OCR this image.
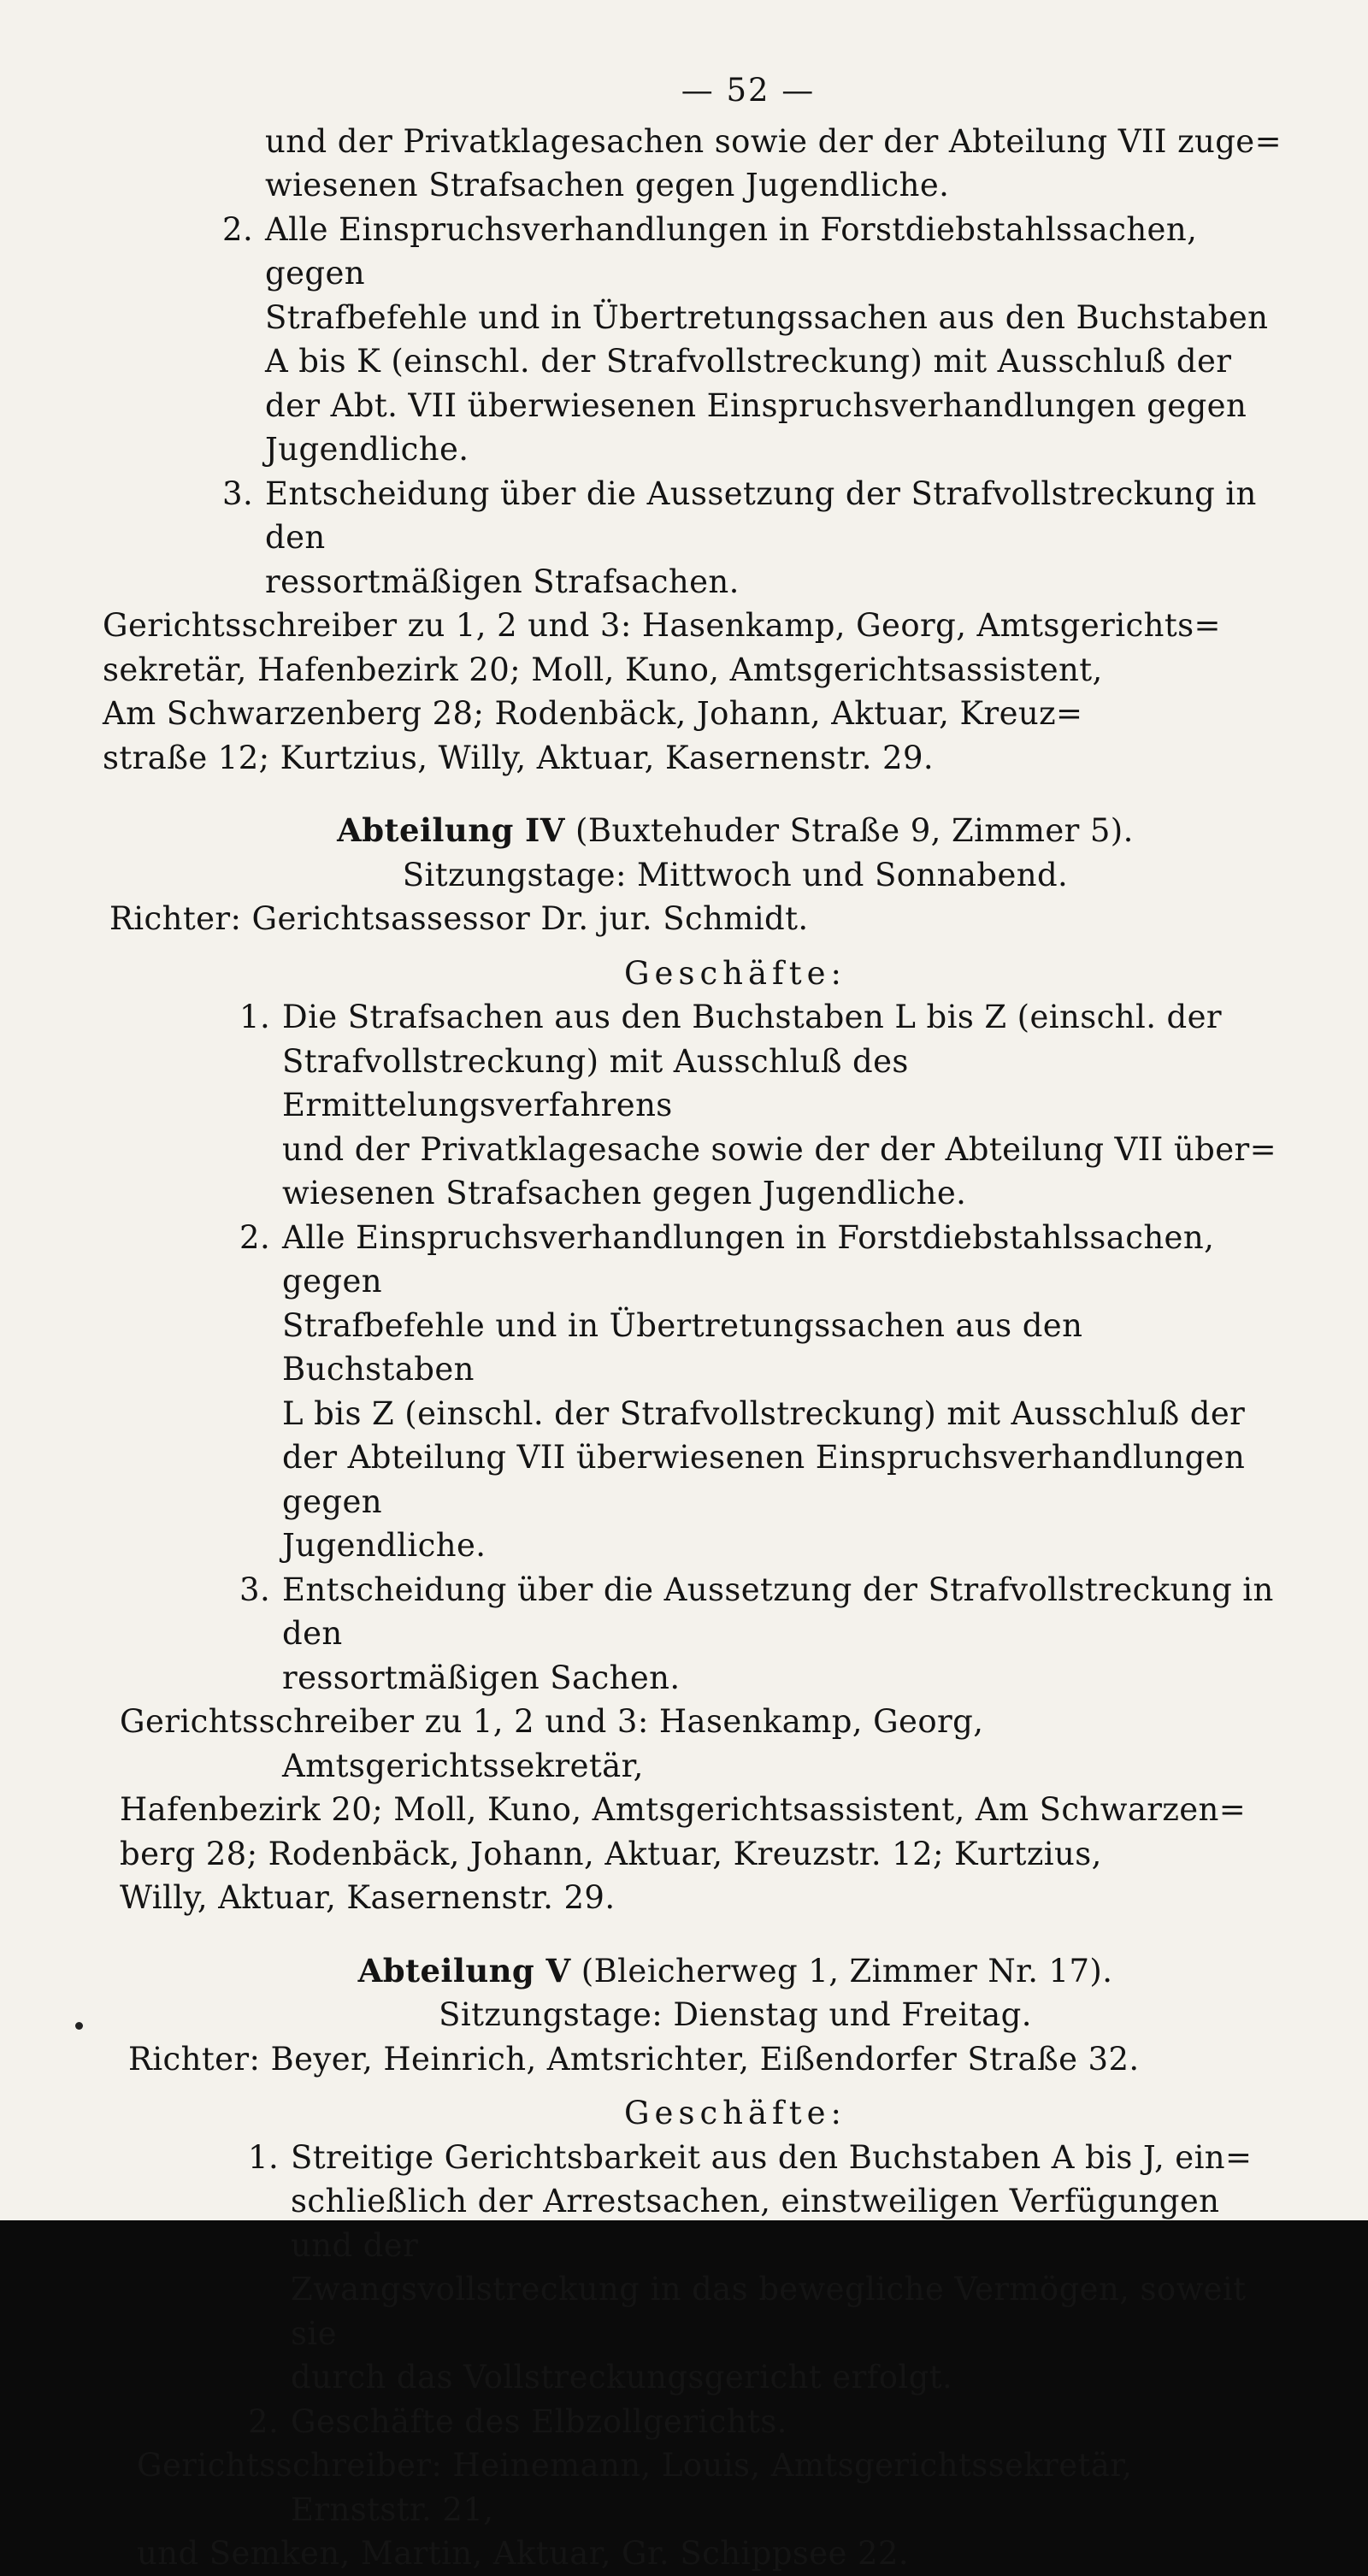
— 52 —
und der Privatklagesachen sowie der der Abteilung VII zuge=
wiesenen Strafsachen gegen Jugendliche.
2. Alle Einspruchsverhandlungen in Forstdiebstahlssachen, gegen
Strafbefehle und in Übertretungssachen aus den Buchstaben
A bis K (einschl. der Strafvollstreckung) mit Ausschluß der
der Abt. VII überwiesenen Einspruchsverhandlungen gegen
Jugendliche.
3. Entscheidung über die Aussetzung der Strafvollstreckung in den
ressortmäßigen Strafsachen.
Gerichtsschreiber zu 1, 2 und 3: Hasenkamp, Georg, Amtsgerichts=
sekretär, Hafenbezirk 20; Moll, Kuno, Amtsgerichtsassistent,
Am Schwarzenberg 28; Rodenbäck, Johann, Aktuar, Kreuz=
straße 12; Kurtzius, Willy, Aktuar, Kasernenstr. 29.
Abteilung IV (Buxtehuder Straße 9, Zimmer 5).
Sitzungstage: Mittwoch und Sonnabend.
Richter: Gerichtsassessor Dr. jur. Schmidt.
Geschäfte:
1. Die Strafsachen aus den Buchstaben L bis Z (einschl. der
Strafvollstreckung) mit Ausschluß des Ermittelungsverfahrens
und der Privatklagesache sowie der der Abteilung VII über=
wiesenen Strafsachen gegen Jugendliche.
2. Alle Einspruchsverhandlungen in Forstdiebstahlssachen, gegen
Strafbefehle und in Übertretungssachen aus den Buchstaben
L bis Z (einschl. der Strafvollstreckung) mit Ausschluß der
der Abteilung VII überwiesenen Einspruchsverhandlungen gegen
Jugendliche.
3. Entscheidung über die Aussetzung der Strafvollstreckung in den
ressortmäßigen Sachen.
Gerichtsschreiber zu 1, 2 und 3: Hasenkamp, Georg, Amtsgerichtssekretär,
Hafenbezirk 20; Moll, Kuno, Amtsgerichtsassistent, Am Schwarzen=
berg 28; Rodenbäck, Johann, Aktuar, Kreuzstr. 12; Kurtzius,
Willy, Aktuar, Kasernenstr. 29.
Abteilung V (Bleicherweg 1, Zimmer Nr. 17).
Sitzungstage: Dienstag und Freitag.
Richter: Beyer, Heinrich, Amtsrichter, Eißendorfer Straße 32.
Geschäfte:
1. Streitige Gerichtsbarkeit aus den Buchstaben A bis J, ein=
schließlich der Arrestsachen, einstweiligen Verfügungen und der
Zwangsvollstreckung in das bewegliche Vermögen, soweit sie
durch das Vollstreckungsgericht erfolgt.
2. Geschäfte des Elbzollgerichts.
Gerichtsschreiber: Heinemann, Louis, Amtsgerichtssekretär, Ernststr. 21,
und Semken, Martin, Aktuar, Gr. Schippsee 22.
